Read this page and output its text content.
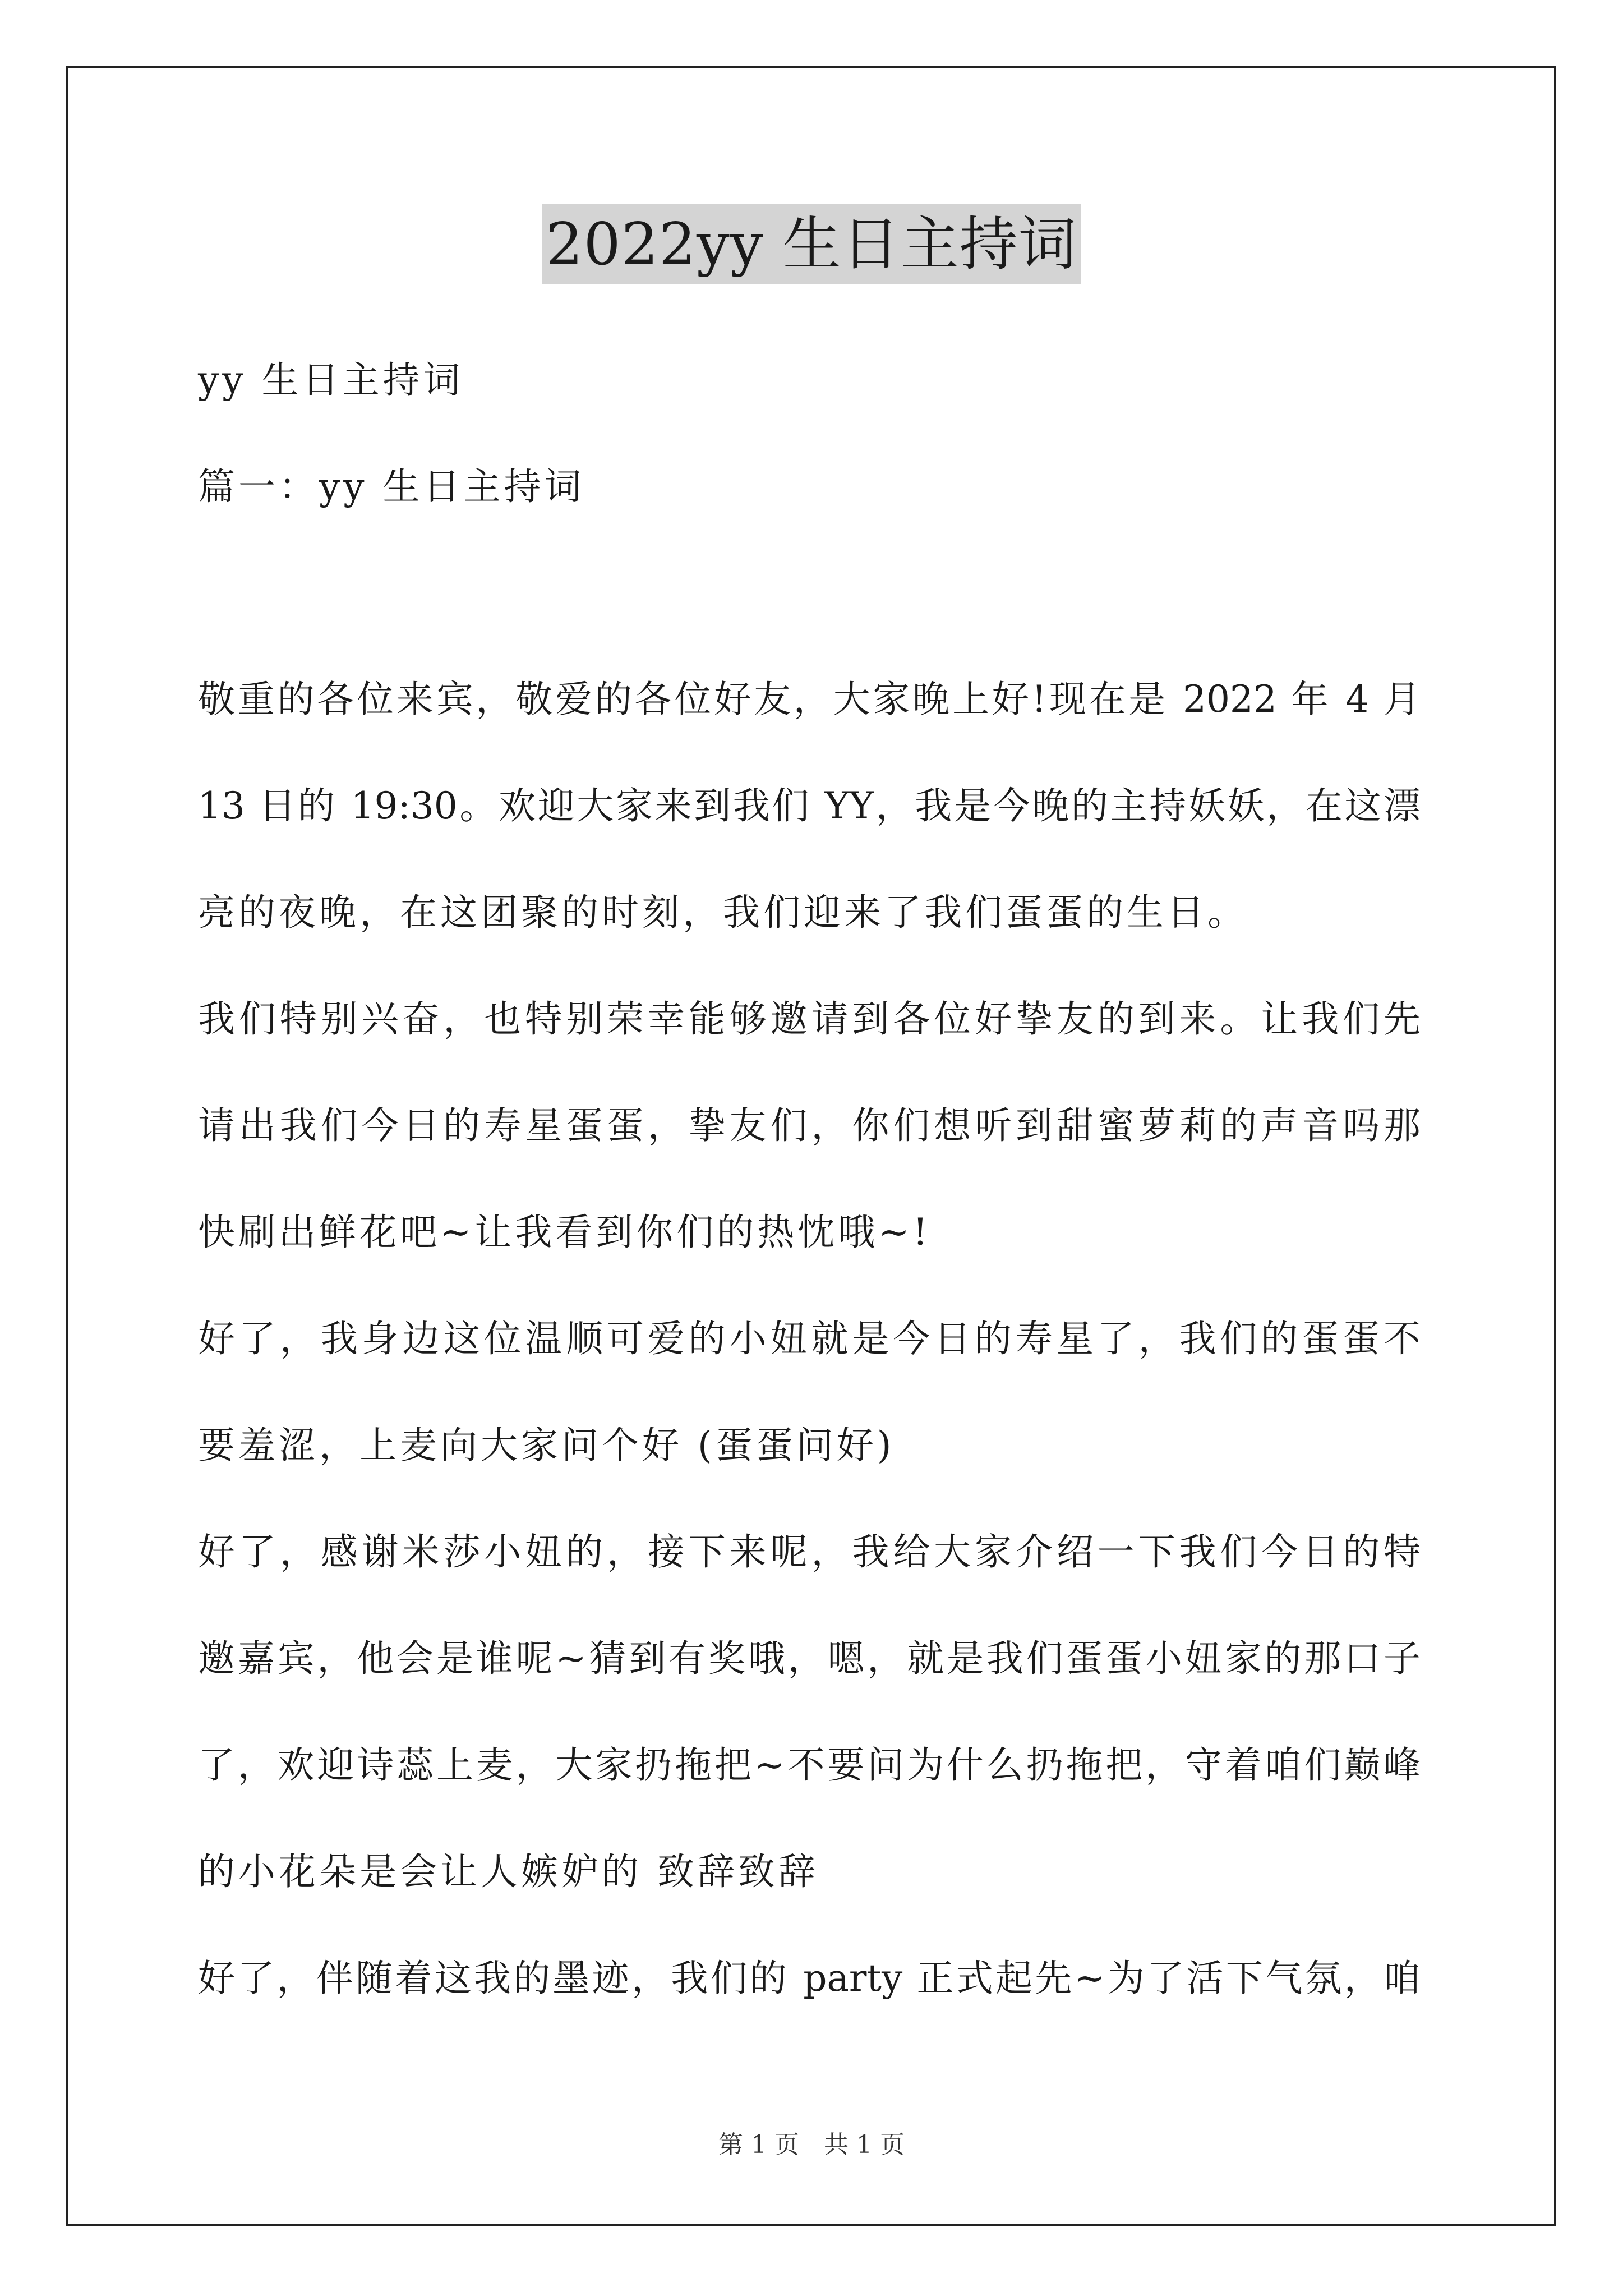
2022yy 生日主持词
yy 生日主持词
篇一：yy 生日主持词
敬重的各位来宾，敬爱的各位好友，大家晚上好!现在是 2022 年 4 月
13 日的 19:30。欢迎大家来到我们 YY，我是今晚的主持妖妖，在这漂
亮的夜晚，在这团聚的时刻，我们迎来了我们蛋蛋的生日。
我们特别兴奋，也特别荣幸能够邀请到各位好挚友的到来。让我们先
请出我们今日的寿星蛋蛋，挚友们，你们想听到甜蜜萝莉的声音吗那
快刷出鲜花吧~让我看到你们的热忱哦~!
好了，我身边这位温顺可爱的小妞就是今日的寿星了，我们的蛋蛋不
要羞涩，上麦向大家问个好 (蛋蛋问好)
好了，感谢米莎小妞的，接下来呢，我给大家介绍一下我们今日的特
邀嘉宾，他会是谁呢~猜到有奖哦，嗯，就是我们蛋蛋小妞家的那口子
了，欢迎诗蕊上麦，大家扔拖把~不要问为什么扔拖把，守着咱们巅峰
的小花朵是会让人嫉妒的 致辞致辞
好了，伴随着这我的墨迹，我们的 party 正式起先~为了活下气氛，咱
第 1 页　共 1 页
